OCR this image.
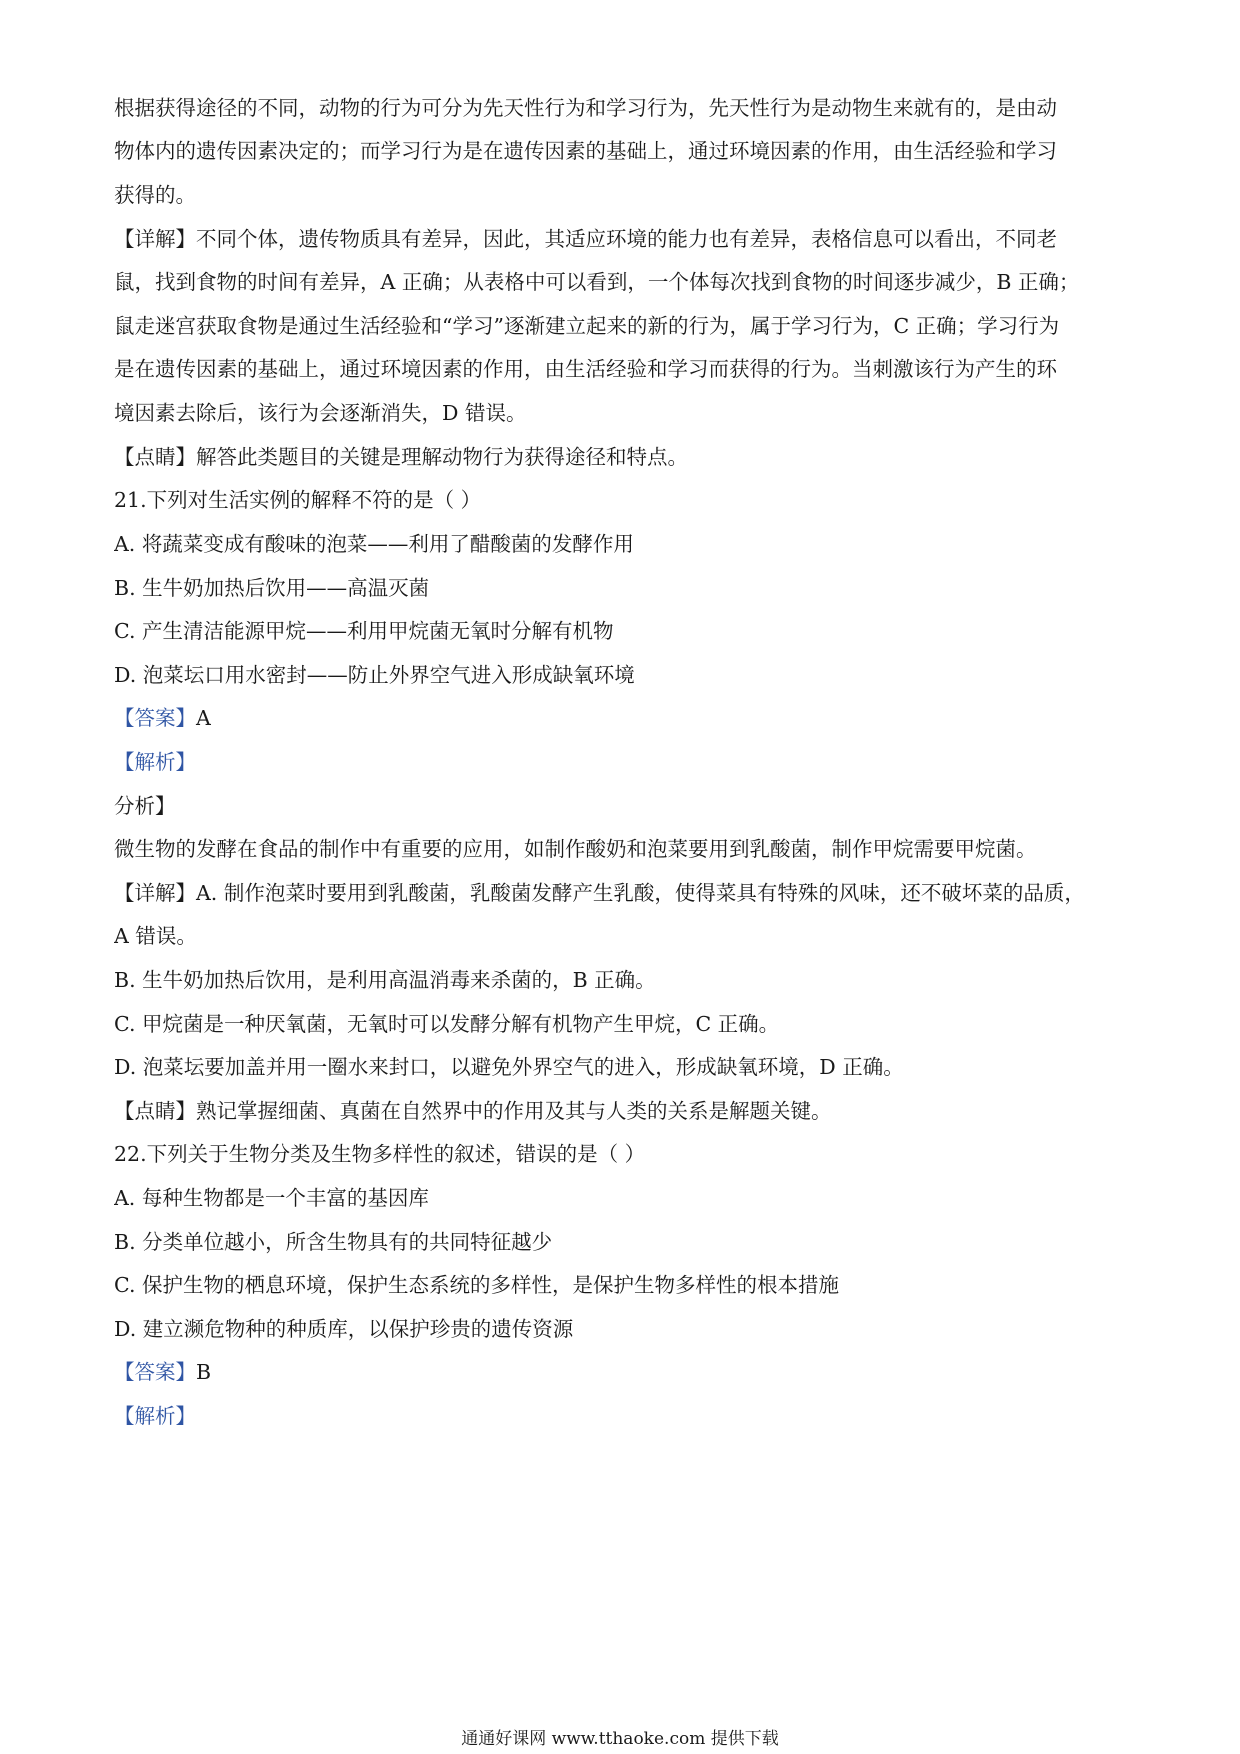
根据获得途径的不同，动物的行为可分为先天性行为和学习行为，先天性行为是动物生来就有的，是由动
物体内的遗传因素决定的；而学习行为是在遗传因素的基础上，通过环境因素的作用，由生活经验和学习
获得的。
【详解】不同个体，遗传物质具有差异，因此，其适应环境的能力也有差异，表格信息可以看出，不同老
鼠，找到食物的时间有差异，A 正确；从表格中可以看到，一个体每次找到食物的时间逐步减少，B 正确；
鼠走迷宫获取食物是通过生活经验和“学习”逐渐建立起来的新的行为，属于学习行为，C 正确；学习行为
是在遗传因素的基础上，通过环境因素的作用，由生活经验和学习而获得的行为。当刺激该行为产生的环
境因素去除后，该行为会逐渐消失，D 错误。
【点睛】解答此类题目的关键是理解动物行为获得途径和特点。
21.下列对生活实例的解释不符的是（ ）
A. 将蔬菜变成有酸味的泡菜——利用了醋酸菌的发酵作用
B. 生牛奶加热后饮用——高温灭菌
C. 产生清洁能源甲烷——利用甲烷菌无氧时分解有机物
D. 泡菜坛口用水密封——防止外界空气进入形成缺氧环境
【答案】A
【解析】
分析】
微生物的发酵在食品的制作中有重要的应用，如制作酸奶和泡菜要用到乳酸菌，制作甲烷需要甲烷菌。
【详解】A. 制作泡菜时要用到乳酸菌，乳酸菌发酵产生乳酸，使得菜具有特殊的风味，还不破坏菜的品质，
A 错误。
B. 生牛奶加热后饮用，是利用高温消毒来杀菌的，B 正确。
C. 甲烷菌是一种厌氧菌，无氧时可以发酵分解有机物产生甲烷，C 正确。
D. 泡菜坛要加盖并用一圈水来封口，以避免外界空气的进入，形成缺氧环境，D 正确。
【点睛】熟记掌握细菌、真菌在自然界中的作用及其与人类的关系是解题关键。
22.下列关于生物分类及生物多样性的叙述，错误的是（ ）
A. 每种生物都是一个丰富的基因库
B. 分类单位越小，所含生物具有的共同特征越少
C. 保护生物的栖息环境，保护生态系统的多样性，是保护生物多样性的根本措施
D. 建立濒危物种的种质库，以保护珍贵的遗传资源
【答案】B
【解析】
通通好课网 www.tthaoke.com 提供下载
